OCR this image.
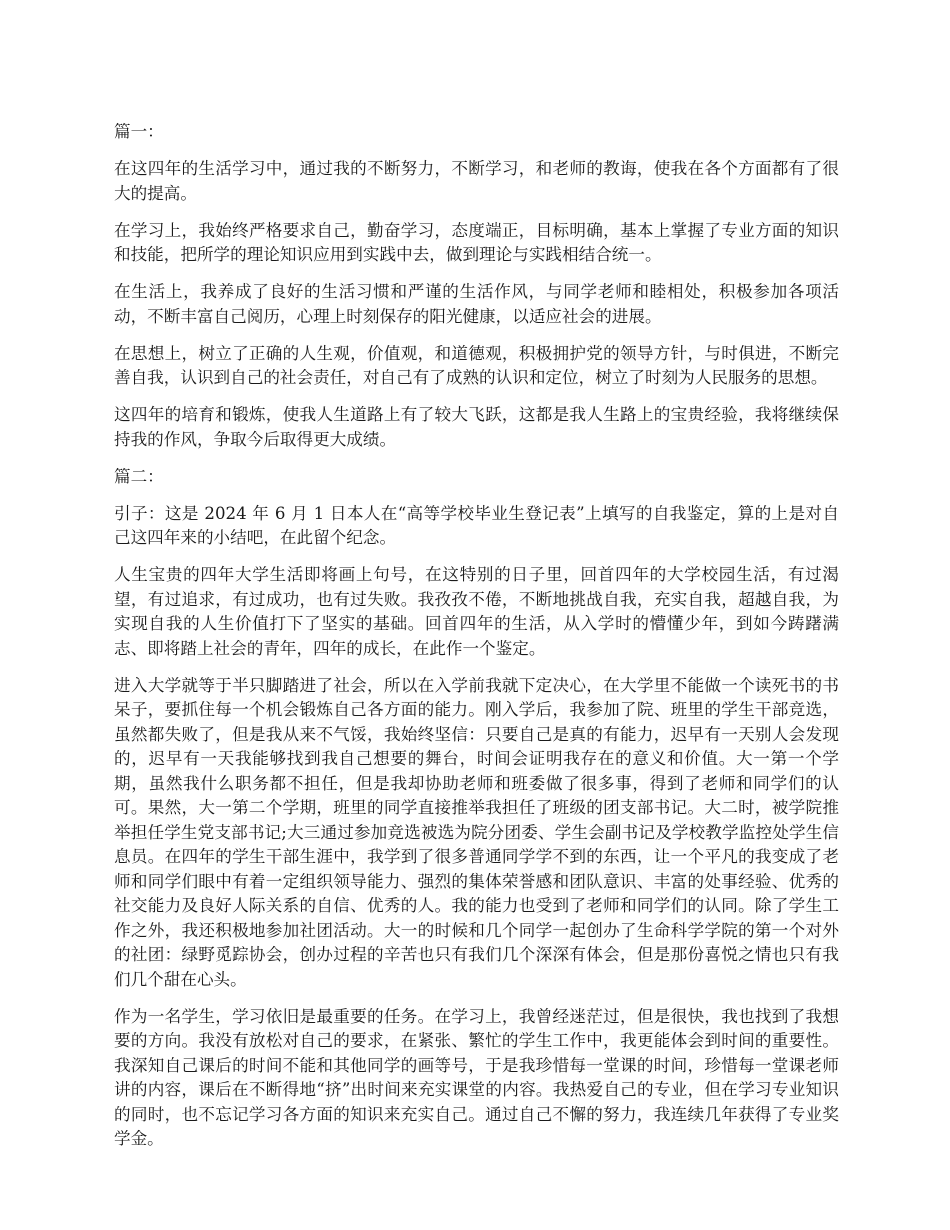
篇一：

在这四年的生活学习中，通过我的不断努力，不断学习，和老师的教诲，使我在各个方面都有了很大的提高。

在学习上，我始终严格要求自己，勤奋学习，态度端正，目标明确，基本上掌握了专业方面的知识和技能，把所学的理论知识应用到实践中去，做到理论与实践相结合统一。

在生活上，我养成了良好的生活习惯和严谨的生活作风，与同学老师和睦相处，积极参加各项活动，不断丰富自己阅历，心理上时刻保存的阳光健康，以适应社会的进展。

在思想上，树立了正确的人生观，价值观，和道德观，积极拥护党的领导方针，与时俱进，不断完善自我，认识到自己的社会责任，对自己有了成熟的认识和定位，树立了时刻为人民服务的思想。

这四年的培育和锻炼，使我人生道路上有了较大飞跃，这都是我人生路上的宝贵经验，我将继续保持我的作风，争取今后取得更大成绩。

篇二：

引子：这是 2024 年 6 月 1 日本人在“高等学校毕业生登记表”上填写的自我鉴定，算的上是对自己这四年来的小结吧，在此留个纪念。

人生宝贵的四年大学生活即将画上句号，在这特别的日子里，回首四年的大学校园生活，有过渴望，有过追求，有过成功，也有过失败。我孜孜不倦，不断地挑战自我，充实自我，超越自我，为实现自我的人生价值打下了坚实的基础。回首四年的生活，从入学时的懵懂少年，到如今踌躇满志、即将踏上社会的青年，四年的成长，在此作一个鉴定。

进入大学就等于半只脚踏进了社会，所以在入学前我就下定决心，在大学里不能做一个读死书的书呆子，要抓住每一个机会锻炼自己各方面的能力。刚入学后，我参加了院、班里的学生干部竞选，虽然都失败了，但是我从来不气馁，我始终坚信：只要自己是真的有能力，迟早有一天别人会发现的，迟早有一天我能够找到我自己想要的舞台，时间会证明我存在的意义和价值。大一第一个学期，虽然我什么职务都不担任，但是我却协助老师和班委做了很多事，得到了老师和同学们的认可。果然，大一第二个学期，班里的同学直接推举我担任了班级的团支部书记。大二时，被学院推举担任学生党支部书记;大三通过参加竞选被选为院分团委、学生会副书记及学校教学监控处学生信息员。在四年的学生干部生涯中，我学到了很多普通同学学不到的东西，让一个平凡的我变成了老师和同学们眼中有着一定组织领导能力、强烈的集体荣誉感和团队意识、丰富的处事经验、优秀的社交能力及良好人际关系的自信、优秀的人。我的能力也受到了老师和同学们的认同。除了学生工作之外，我还积极地参加社团活动。大一的时候和几个同学一起创办了生命科学学院的第一个对外的社团：绿野觅踪协会，创办过程的辛苦也只有我们几个深深有体会，但是那份喜悦之情也只有我们几个甜在心头。

作为一名学生，学习依旧是最重要的任务。在学习上，我曾经迷茫过，但是很快，我也找到了我想要的方向。我没有放松对自己的要求，在紧张、繁忙的学生工作中，我更能体会到时间的重要性。我深知自己课后的时间不能和其他同学的画等号，于是我珍惜每一堂课的时间，珍惜每一堂课老师讲的内容，课后在不断得地“挤”出时间来充实课堂的内容。我热爱自己的专业，但在学习专业知识的同时，也不忘记学习各方面的知识来充实自己。通过自己不懈的努力，我连续几年获得了专业奖学金。
